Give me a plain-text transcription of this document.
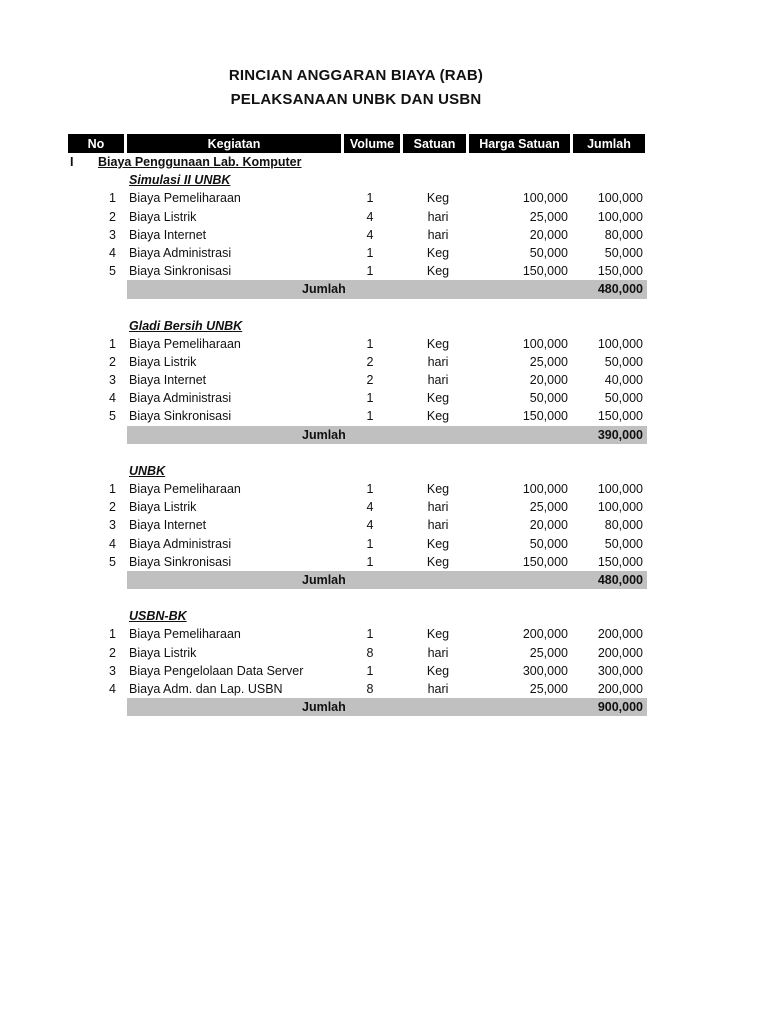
RINCIAN ANGGARAN BIAYA (RAB)
PELAKSANAAN UNBK DAN USBN
No	Kegiatan	Volume	Satuan	Harga Satuan	Jumlah
I Biaya Penggunaan Lab. Komputer
Simulasi II UNBK
1 Biaya Pemeliharaan	1	Keg	100,000	100,000
2 Biaya Listrik	4	hari	25,000	100,000
3 Biaya Internet	4	hari	20,000	80,000
4 Biaya Administrasi	1	Keg	50,000	50,000
5 Biaya Sinkronisasi	1	Keg	150,000	150,000
Jumlah	480,000
Gladi Bersih UNBK
1 Biaya Pemeliharaan	1	Keg	100,000	100,000
2 Biaya Listrik	2	hari	25,000	50,000
3 Biaya Internet	2	hari	20,000	40,000
4 Biaya Administrasi	1	Keg	50,000	50,000
5 Biaya Sinkronisasi	1	Keg	150,000	150,000
Jumlah	390,000
UNBK
1 Biaya Pemeliharaan	1	Keg	100,000	100,000
2 Biaya Listrik	4	hari	25,000	100,000
3 Biaya Internet	4	hari	20,000	80,000
4 Biaya Administrasi	1	Keg	50,000	50,000
5 Biaya Sinkronisasi	1	Keg	150,000	150,000
Jumlah	480,000
USBN-BK
1 Biaya Pemeliharaan	1	Keg	200,000	200,000
2 Biaya Listrik	8	hari	25,000	200,000
3 Biaya Pengelolaan Data Server	1	Keg	300,000	300,000
4 Biaya Adm. dan Lap. USBN	8	hari	25,000	200,000
Jumlah	900,000
